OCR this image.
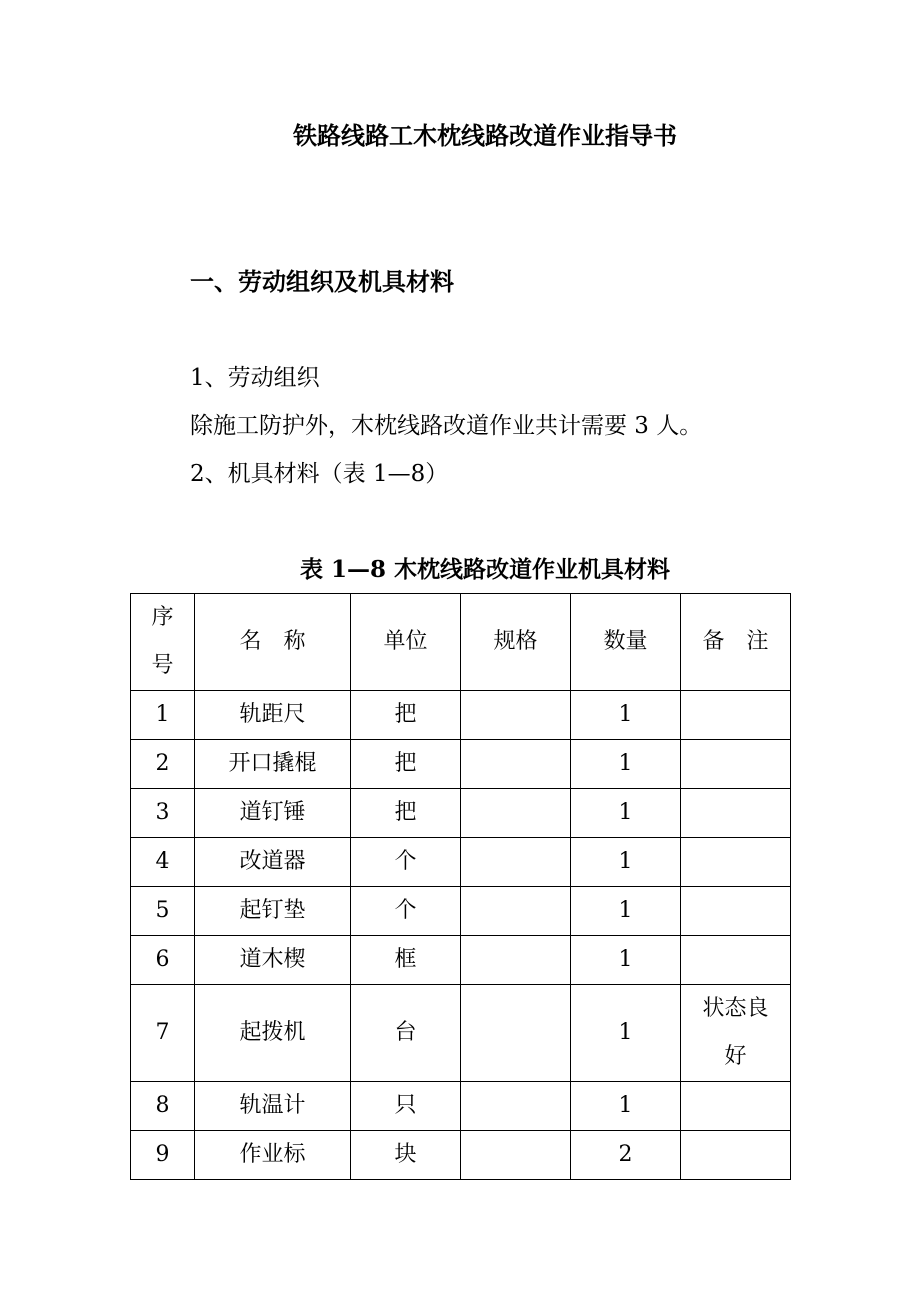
铁路线路工木枕线路改道作业指导书
一、劳动组织及机具材料

1、劳动组织

除施工防护外，木枕线路改道作业共计需要 3 人。

2、机具材料（表 1—8）

表 1—8 木枕线路改道作业机具材料
序号	名　称	单位	规格	数量	备　注
1	轨距尺	把		1	
2	开口撬棍	把		1	
3	道钉锤	把		1	
4	改道器	个		1	
5	起钉垫	个		1	
6	道木楔	框		1	
7	起拨机	台		1	状态良好
8	轨温计	只		1	
9	作业标	块		2	
